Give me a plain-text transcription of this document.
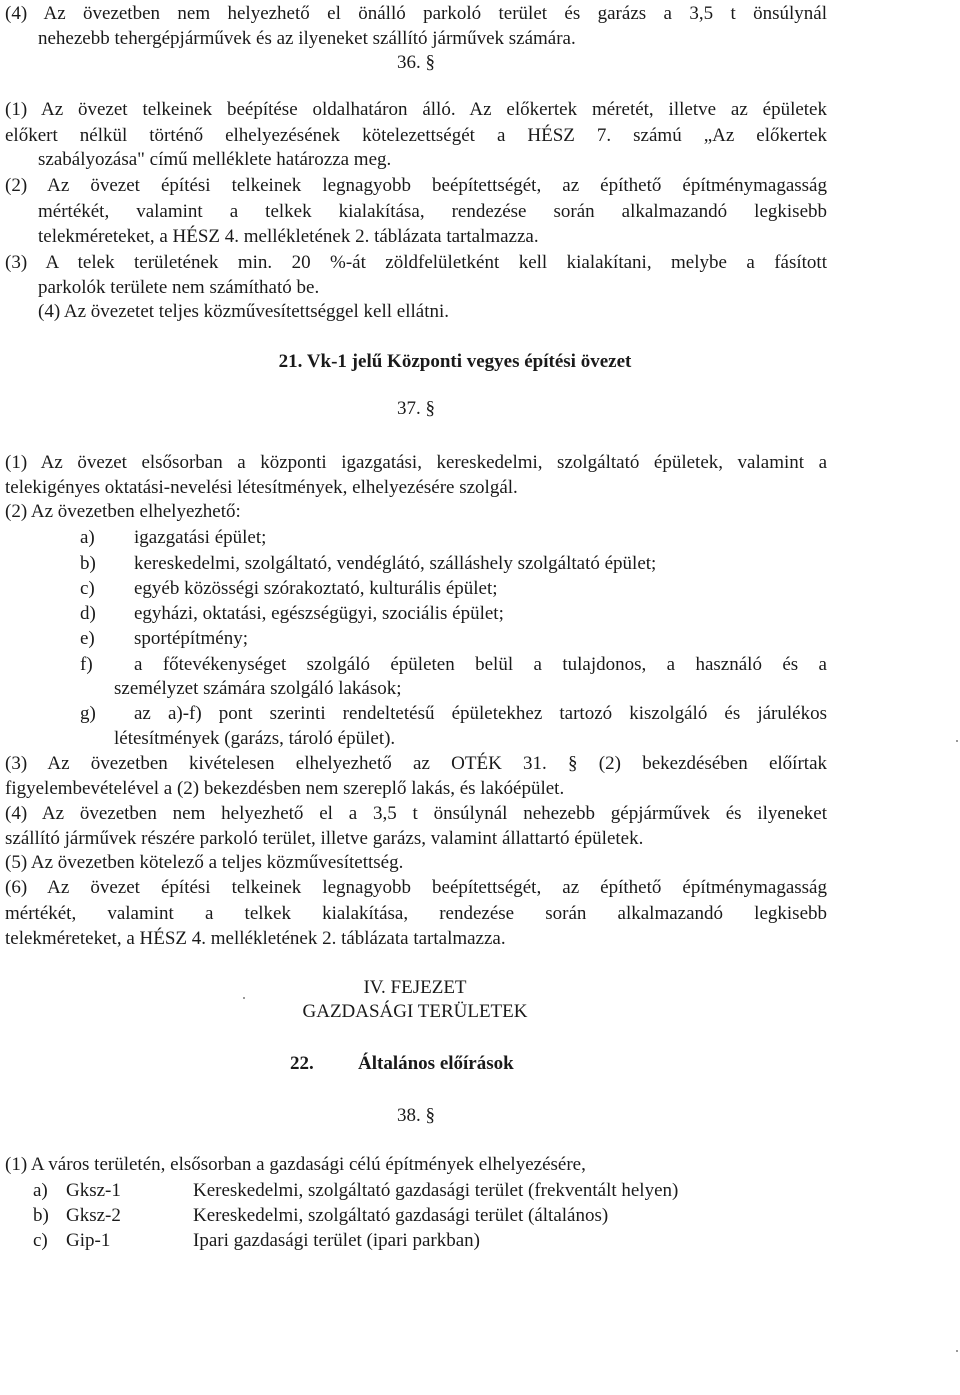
(4) Az övezetben nem helyezhető el önálló parkoló terület és garázs a 3,5 t önsúlynál
nehezebb tehergépjárművek és az ilyeneket szállító járművek számára.
36. §
(1) Az övezet telkeinek beépítése oldalhatáron álló. Az előkertek méretét, illetve az épületek
előkert nélkül történő elhelyezésének kötelezettségét a HÉSZ 7. számú „Az előkertek
szabályozása" című melléklete határozza meg.
(2) Az övezet építési telkeinek legnagyobb beépítettségét, az építhető építménymagasság
mértékét, valamint a telkek kialakítása, rendezése során alkalmazandó legkisebb
telekméreteket, a HÉSZ 4. mellékletének 2. táblázata tartalmazza.
(3) A telek területének min. 20 %-át zöldfelületként kell kialakítani, melybe a fásított
parkolók területe nem számítható be.
(4) Az övezetet teljes közművesítettséggel kell ellátni.
21. Vk-1 jelű Központi vegyes építési övezet
37. §
(1) Az övezet elsősorban a központi igazgatási, kereskedelmi, szolgáltató épületek, valamint a
telekigényes oktatási-nevelési létesítmények, elhelyezésére szolgál.
(2) Az övezetben elhelyezhető:
a) igazgatási épület;
b) kereskedelmi, szolgáltató, vendéglátó, szálláshely szolgáltató épület;
c) egyéb közösségi szórakoztató, kulturális épület;
d) egyházi, oktatási, egészségügyi, szociális épület;
e) sportépítmény;
f) a főtevékenységet szolgáló épületen belül a tulajdonos, a használó és a
személyzet számára szolgáló lakások;
g) az a)-f) pont szerinti rendeltetésű épületekhez tartozó kiszolgáló és járulékos
létesítmények (garázs, tároló épület).
(3) Az övezetben kivételesen elhelyezhető az OTÉK 31. § (2) bekezdésében előírtak
figyelembevételével a (2) bekezdésben nem szereplő lakás, és lakóépület.
(4) Az övezetben nem helyezhető el a 3,5 t önsúlynál nehezebb gépjárművek és ilyeneket
szállító járművek részére parkoló terület, illetve garázs, valamint állattartó épületek.
(5) Az övezetben kötelező a teljes közművesítettség.
(6) Az övezet építési telkeinek legnagyobb beépítettségét, az építhető építménymagasság
mértékét, valamint a telkek kialakítása, rendezése során alkalmazandó legkisebb
telekméreteket, a HÉSZ 4. mellékletének 2. táblázata tartalmazza.
IV. FEJEZET
GAZDASÁGI TERÜLETEK
22. Általános előírások
38. §
(1) A város területén, elsősorban a gazdasági célú építmények elhelyezésére,
a) Gksz-1	Kereskedelmi, szolgáltató gazdasági terület (frekventált helyen)
b) Gksz-2	Kereskedelmi, szolgáltató gazdasági terület (általános)
c) Gip-1	Ipari gazdasági terület (ipari parkban)
